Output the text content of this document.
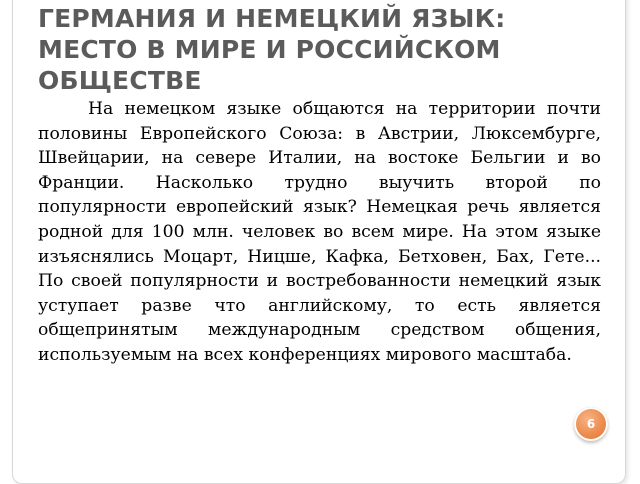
ГЕРМАНИЯ И НЕМЕЦКИЙ ЯЗЫК: МЕСТО В МИРЕ И РОССИЙСКОМ ОБЩЕСТВЕ

На немецком языке общаются на территории почти половины Европейского Союза: в Австрии, Люксембурге, Швейцарии, на севере Италии, на востоке Бельгии и во Франции. Насколько трудно выучить второй по популярности европейский язык? Немецкая речь является родной для 100 млн. человек во всем мире. На этом языке изъяснялись Моцарт, Ницше, Кафка, Бетховен, Бах, Гете... По своей популярности и востребованности немецкий язык уступает разве что английскому, то есть является общепринятым международным средством общения, используемым на всех конференциях мирового масштаба.

6
